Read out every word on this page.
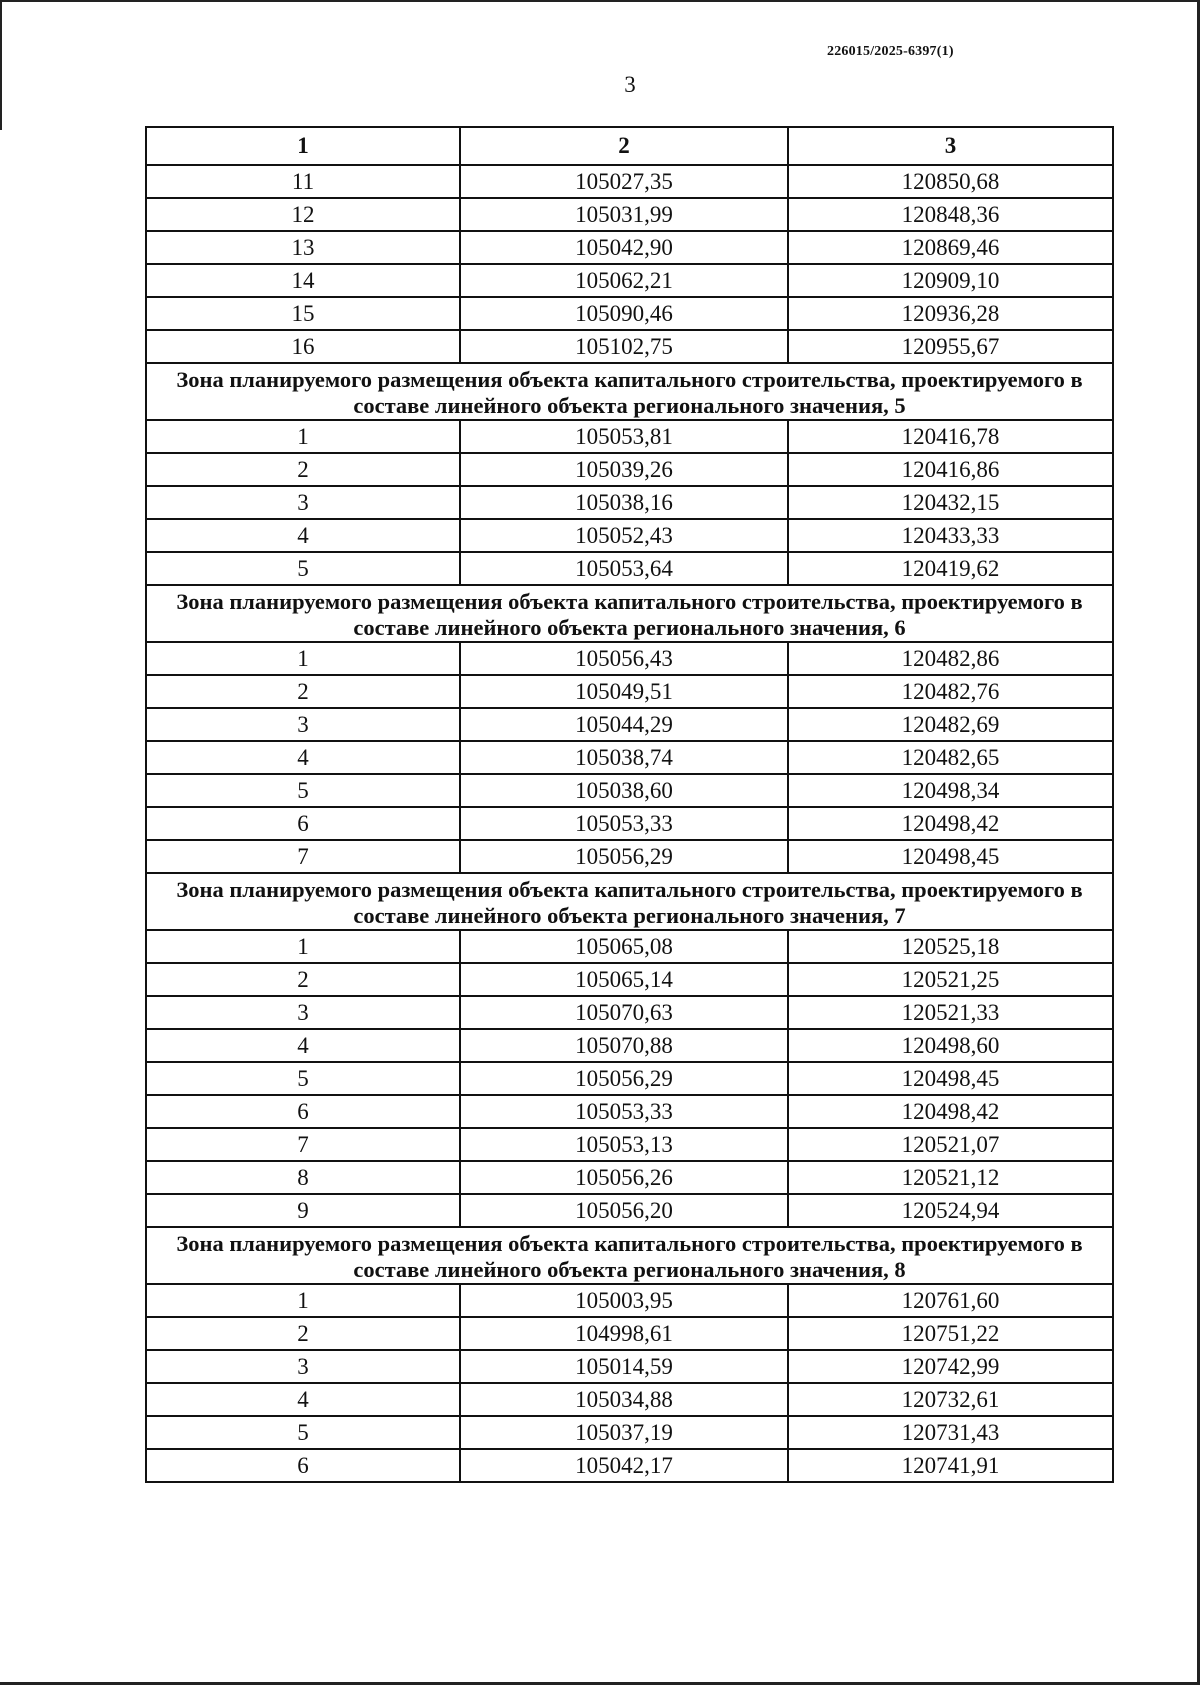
226015/2025-6397(1)
3
1	2	3
11	105027,35	120850,68
12	105031,99	120848,36
13	105042,90	120869,46
14	105062,21	120909,10
15	105090,46	120936,28
16	105102,75	120955,67
Зона планируемого размещения объекта капитального строительства, проектируемого в составе линейного объекта регионального значения, 5		
1	105053,81	120416,78
2	105039,26	120416,86
3	105038,16	120432,15
4	105052,43	120433,33
5	105053,64	120419,62
Зона планируемого размещения объекта капитального строительства, проектируемого в составе линейного объекта регионального значения, 6		
1	105056,43	120482,86
2	105049,51	120482,76
3	105044,29	120482,69
4	105038,74	120482,65
5	105038,60	120498,34
6	105053,33	120498,42
7	105056,29	120498,45
Зона планируемого размещения объекта капитального строительства, проектируемого в составе линейного объекта регионального значения, 7		
1	105065,08	120525,18
2	105065,14	120521,25
3	105070,63	120521,33
4	105070,88	120498,60
5	105056,29	120498,45
6	105053,33	120498,42
7	105053,13	120521,07
8	105056,26	120521,12
9	105056,20	120524,94
Зона планируемого размещения объекта капитального строительства, проектируемого в составе линейного объекта регионального значения, 8		
1	105003,95	120761,60
2	104998,61	120751,22
3	105014,59	120742,99
4	105034,88	120732,61
5	105037,19	120731,43
6	105042,17	120741,91
